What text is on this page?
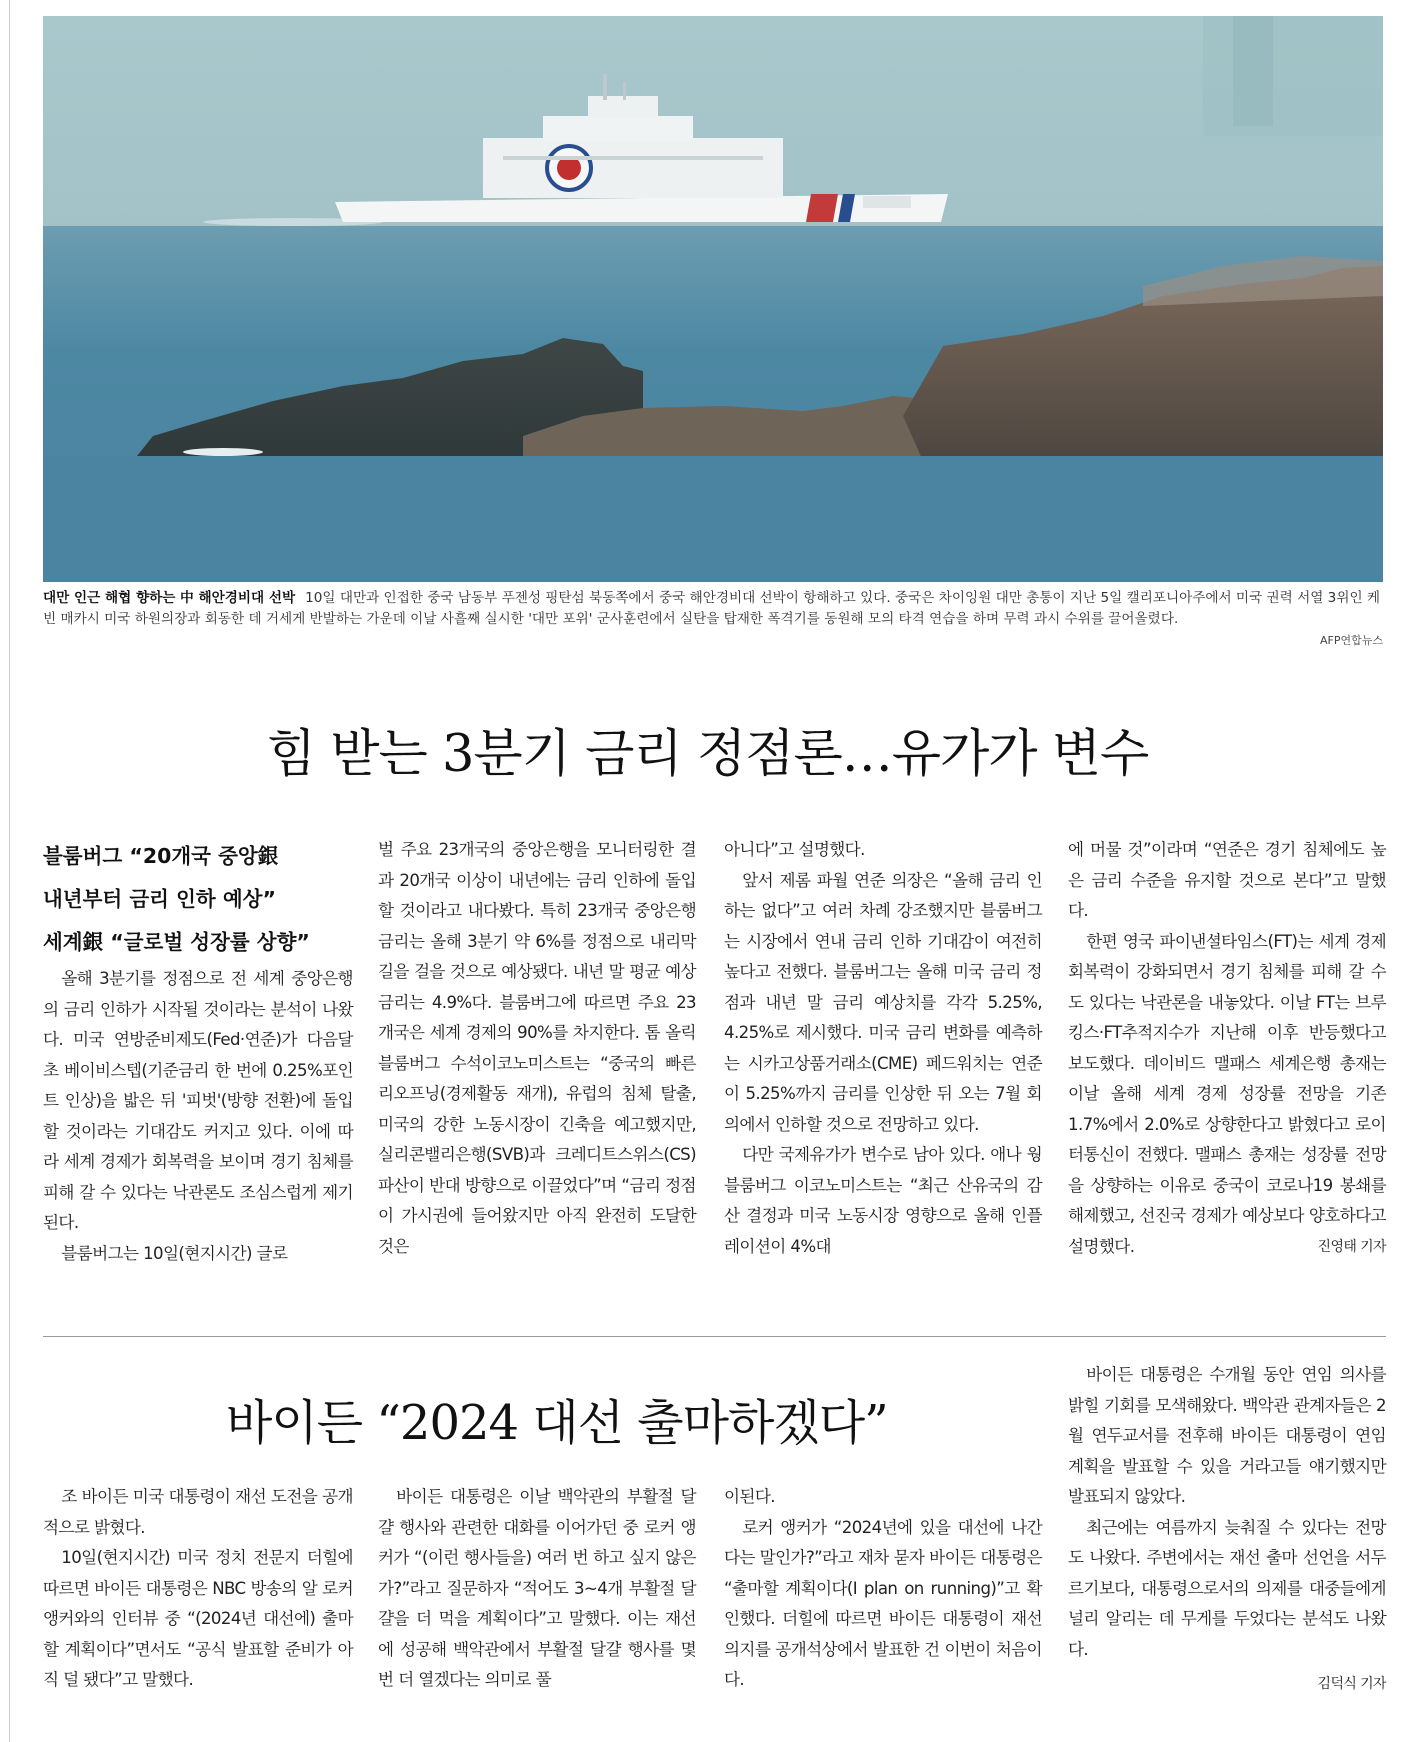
대만 인근 해협 향하는 中 해안경비대 선박 10일 대만과 인접한 중국 남동부 푸젠성 핑탄섬 북동쪽에서 중국 해안경비대 선박이 항해하고 있다. 중국은 차이잉원 대만 총통이 지난 5일 캘리포니아주에서 미국 권력 서열 3위인 케빈 매카시 미국 하원의장과 회동한 데 거세게 반발하는 가운데 이날 사흘째 실시한 '대만 포위' 군사훈련에서 실탄을 탑재한 폭격기를 동원해 모의 타격 연습을 하며 무력 과시 수위를 끌어올렸다.
AFP연합뉴스
힘 받는 3분기 금리 정점론…유가가 변수
블룸버그 “20개국 중앙銀
내년부터 금리 인하 예상”
세계銀 “글로벌 성장률 상향”

올해 3분기를 정점으로 전 세계 중앙은행의 금리 인하가 시작될 것이라는 분석이 나왔다. 미국 연방준비제도(Fed·연준)가 다음달 초 베이비스텝(기준금리 한 번에 0.25%포인트 인상)을 밟은 뒤 '피벗'(방향 전환)에 돌입할 것이라는 기대감도 커지고 있다. 이에 따라 세계 경제가 회복력을 보이며 경기 침체를 피해 갈 수 있다는 낙관론도 조심스럽게 제기된다.

블룸버그는 10일(현지시간) 글로

벌 주요 23개국의 중앙은행을 모니터링한 결과 20개국 이상이 내년에는 금리 인하에 돌입할 것이라고 내다봤다. 특히 23개국 중앙은행 금리는 올해 3분기 약 6%를 정점으로 내리막길을 걸을 것으로 예상됐다. 내년 말 평균 예상 금리는 4.9%다. 블룸버그에 따르면 주요 23개국은 세계 경제의 90%를 차지한다. 톰 올릭 블룸버그 수석이코노미스트는 “중국의 빠른 리오프닝(경제활동 재개), 유럽의 침체 탈출, 미국의 강한 노동시장이 긴축을 예고했지만, 실리콘밸리은행(SVB)과 크레디트스위스(CS) 파산이 반대 방향으로 이끌었다”며 “금리 정점이 가시권에 들어왔지만 아직 완전히 도달한 것은

아니다”고 설명했다.

앞서 제롬 파월 연준 의장은 “올해 금리 인하는 없다”고 여러 차례 강조했지만 블룸버그는 시장에서 연내 금리 인하 기대감이 여전히 높다고 전했다. 블룸버그는 올해 미국 금리 정점과 내년 말 금리 예상치를 각각 5.25%, 4.25%로 제시했다. 미국 금리 변화를 예측하는 시카고상품거래소(CME) 페드워치는 연준이 5.25%까지 금리를 인상한 뒤 오는 7월 회의에서 인하할 것으로 전망하고 있다.

다만 국제유가가 변수로 남아 있다. 애나 웡 블룸버그 이코노미스트는 “최근 산유국의 감산 결정과 미국 노동시장 영향으로 올해 인플레이션이 4%대

에 머물 것”이라며 “연준은 경기 침체에도 높은 금리 수준을 유지할 것으로 본다”고 말했다.

한편 영국 파이낸셜타임스(FT)는 세계 경제 회복력이 강화되면서 경기 침체를 피해 갈 수도 있다는 낙관론을 내놓았다. 이날 FT는 브루킹스·FT추적지수가 지난해 이후 반등했다고 보도했다. 데이비드 맬패스 세계은행 총재는 이날 올해 세계 경제 성장률 전망을 기존 1.7%에서 2.0%로 상향한다고 밝혔다고 로이터통신이 전했다. 맬패스 총재는 성장률 전망을 상향하는 이유로 중국이 코로나19 봉쇄를 해제했고, 선진국 경제가 예상보다 양호하다고 설명했다.	진영태 기자
바이든 “2024 대선 출마하겠다”

조 바이든 미국 대통령이 재선 도전을 공개적으로 밝혔다.

10일(현지시간) 미국 정치 전문지 더힐에 따르면 바이든 대통령은 NBC 방송의 알 로커 앵커와의 인터뷰 중 “(2024년 대선에) 출마할 계획이다”면서도 “공식 발표할 준비가 아직 덜 됐다”고 말했다.

바이든 대통령은 이날 백악관의 부활절 달걀 행사와 관련한 대화를 이어가던 중 로커 앵커가 “(이런 행사들을) 여러 번 하고 싶지 않은가?”라고 질문하자 “적어도 3~4개 부활절 달걀을 더 먹을 계획이다”고 말했다. 이는 재선에 성공해 백악관에서 부활절 달걀 행사를 몇 번 더 열겠다는 의미로 풀

이된다.

로커 앵커가 “2024년에 있을 대선에 나간다는 말인가?”라고 재차 묻자 바이든 대통령은 “출마할 계획이다(I plan on running)”고 확인했다. 더힐에 따르면 바이든 대통령이 재선 의지를 공개석상에서 발표한 건 이번이 처음이다.

바이든 대통령은 수개월 동안 연임 의사를 밝힐 기회를 모색해왔다. 백악관 관계자들은 2월 연두교서를 전후해 바이든 대통령이 연임 계획을 발표할 수 있을 거라고들 얘기했지만 발표되지 않았다.

최근에는 여름까지 늦춰질 수 있다는 전망도 나왔다. 주변에서는 재선 출마 선언을 서두르기보다, 대통령으로서의 의제를 대중들에게 널리 알리는 데 무게를 두었다는 분석도 나왔다.

김덕식 기자
